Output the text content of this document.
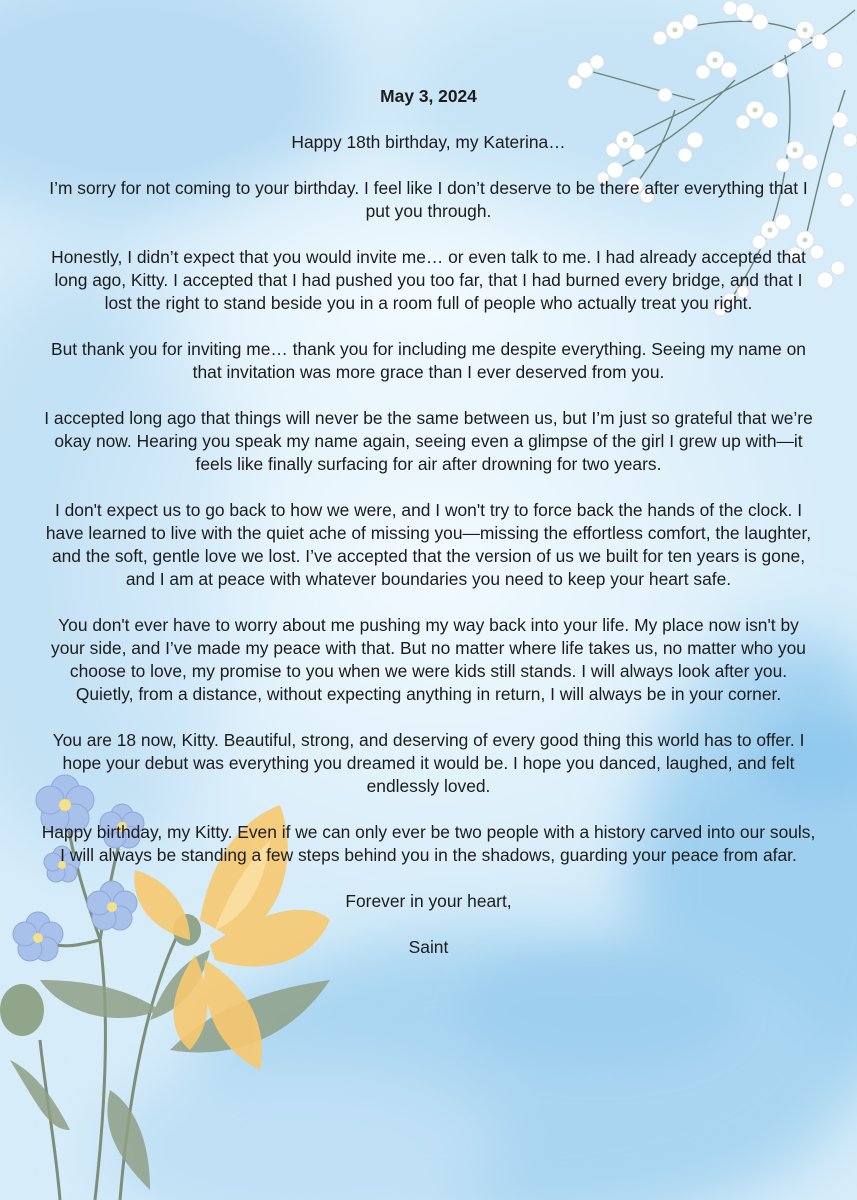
May 3, 2024

Happy 18th birthday, my Katerina…

I’m sorry for not coming to your birthday. I feel like I don’t deserve to be there after everything that I put you through.

Honestly, I didn’t expect that you would invite me… or even talk to me. I had already accepted that long ago, Kitty. I accepted that I had pushed you too far, that I had burned every bridge, and that I lost the right to stand beside you in a room full of people who actually treat you right.

But thank you for inviting me… thank you for including me despite everything. Seeing my name on that invitation was more grace than I ever deserved from you.

I accepted long ago that things will never be the same between us, but I’m just so grateful that we’re okay now. Hearing you speak my name again, seeing even a glimpse of the girl I grew up with—it feels like finally surfacing for air after drowning for two years.

I don't expect us to go back to how we were, and I won't try to force back the hands of the clock. I have learned to live with the quiet ache of missing you—missing the effortless comfort, the laughter, and the soft, gentle love we lost. I’ve accepted that the version of us we built for ten years is gone, and I am at peace with whatever boundaries you need to keep your heart safe.

You don't ever have to worry about me pushing my way back into your life. My place now isn't by your side, and I’ve made my peace with that. But no matter where life takes us, no matter who you choose to love, my promise to you when we were kids still stands. I will always look after you. Quietly, from a distance, without expecting anything in return, I will always be in your corner.

You are 18 now, Kitty. Beautiful, strong, and deserving of every good thing this world has to offer. I hope your debut was everything you dreamed it would be. I hope you danced, laughed, and felt endlessly loved.

Happy birthday, my Kitty. Even if we can only ever be two people with a history carved into our souls, I will always be standing a few steps behind you in the shadows, guarding your peace from afar.

Forever in your heart,

Saint
